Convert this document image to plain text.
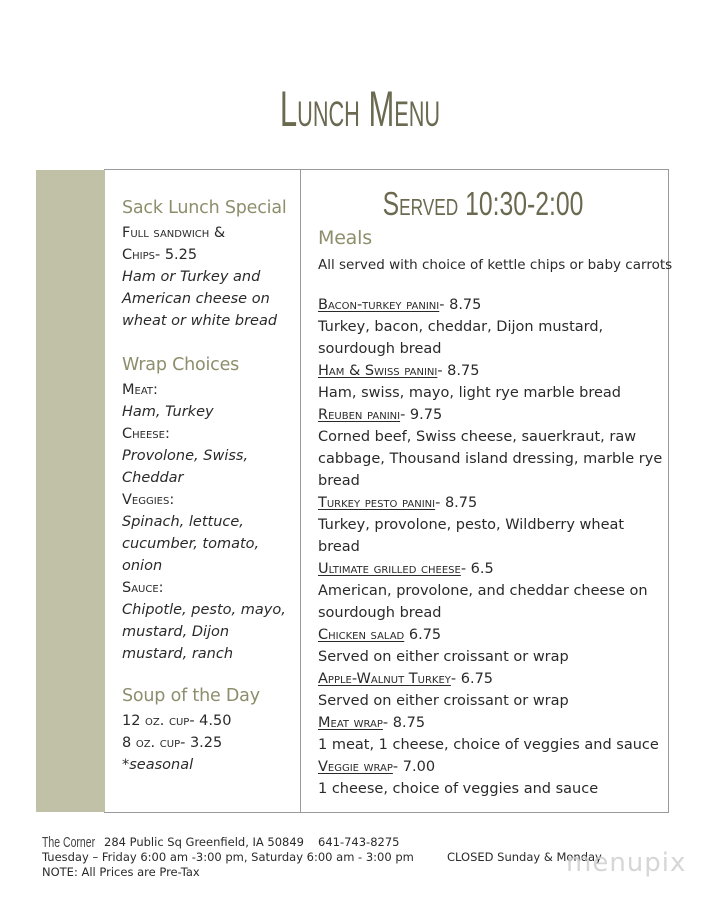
Lunch Menu
Sack Lunch Special
Full sandwich &
Chips- 5.25
Ham or Turkey and
American cheese on
wheat or white bread
Wrap Choices
Meat:
Ham, Turkey
Cheese:
Provolone, Swiss,
Cheddar
Veggies:
Spinach, lettuce,
cucumber, tomato,
onion
Sauce:
Chipotle, pesto, mayo,
mustard, Dijon
mustard, ranch
Soup of the Day
12 oz. cup- 4.50
8 oz. cup- 3.25
*seasonal
Served 10:30-2:00
Meals
All served with choice of kettle chips or baby carrots
Bacon-turkey panini- 8.75
Turkey, bacon, cheddar, Dijon mustard, sourdough bread
Ham & Swiss panini- 8.75
Ham, swiss, mayo, light rye marble bread
Reuben panini- 9.75
Corned beef, Swiss cheese, sauerkraut, raw cabbage, Thousand island dressing, marble rye bread
Turkey pesto panini- 8.75
Turkey, provolone, pesto, Wildberry wheat bread
Ultimate grilled cheese- 6.5
American, provolone, and cheddar cheese on sourdough bread
Chicken salad 6.75
Served on either croissant or wrap
Apple-Walnut Turkey- 6.75
Served on either croissant or wrap
Meat wrap- 8.75
1 meat, 1 cheese, choice of veggies and sauce
Veggie wrap- 7.00
1 cheese, choice of veggies and sauce
The Corner 284 Public Sq Greenfield, IA 50849 641-743-8275
Tuesday – Friday 6:00 am -3:00 pm, Saturday 6:00 am - 3:00 pm	CLOSED Sunday & Monday
NOTE: All Prices are Pre-Tax	menupix
